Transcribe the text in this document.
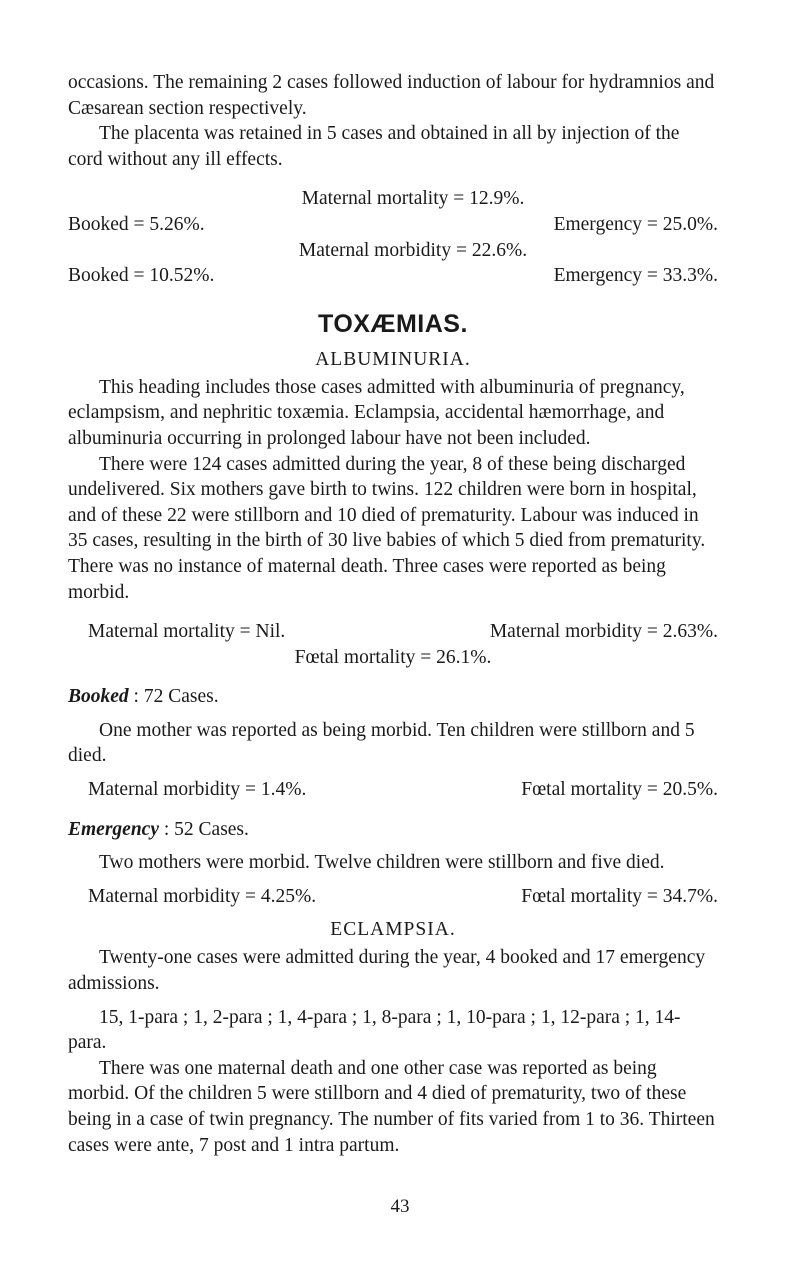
occasions. The remaining 2 cases followed induction of labour for hydramnios and Cæsarean section respectively.

The placenta was retained in 5 cases and obtained in all by injection of the cord without any ill effects.

Maternal mortality = 12.9%.
Booked = 5.26%.	Emergency = 25.0%.
Maternal morbidity = 22.6%.
Booked = 10.52%.	Emergency = 33.3%.
TOXÆMIAS.
ALBUMINURIA.

This heading includes those cases admitted with albuminuria of pregnancy, eclampsism, and nephritic toxæmia. Eclampsia, accidental hæmorrhage, and albuminuria occurring in prolonged labour have not been included.

There were 124 cases admitted during the year, 8 of these being discharged undelivered. Six mothers gave birth to twins. 122 children were born in hospital, and of these 22 were stillborn and 10 died of prematurity. Labour was induced in 35 cases, resulting in the birth of 30 live babies of which 5 died from prematurity. There was no instance of maternal death. Three cases were reported as being morbid.

Maternal mortality = Nil.	Maternal morbidity = 2.63%.
Fœtal mortality = 26.1%.

Booked : 72 Cases.

One mother was reported as being morbid. Ten children were stillborn and 5 died.

Maternal morbidity = 1.4%.	Fœtal mortality = 20.5%.

Emergency : 52 Cases.

Two mothers were morbid. Twelve children were stillborn and five died.

Maternal morbidity = 4.25%.	Fœtal mortality = 34.7%.
ECLAMPSIA.

Twenty-one cases were admitted during the year, 4 booked and 17 emergency admissions.

15, 1-para ; 1, 2-para ; 1, 4-para ; 1, 8-para ; 1, 10-para ; 1, 12-para ; 1, 14-para.

There was one maternal death and one other case was reported as being morbid. Of the children 5 were stillborn and 4 died of prematurity, two of these being in a case of twin pregnancy. The number of fits varied from 1 to 36. Thirteen cases were ante, 7 post and 1 intra partum.

43
